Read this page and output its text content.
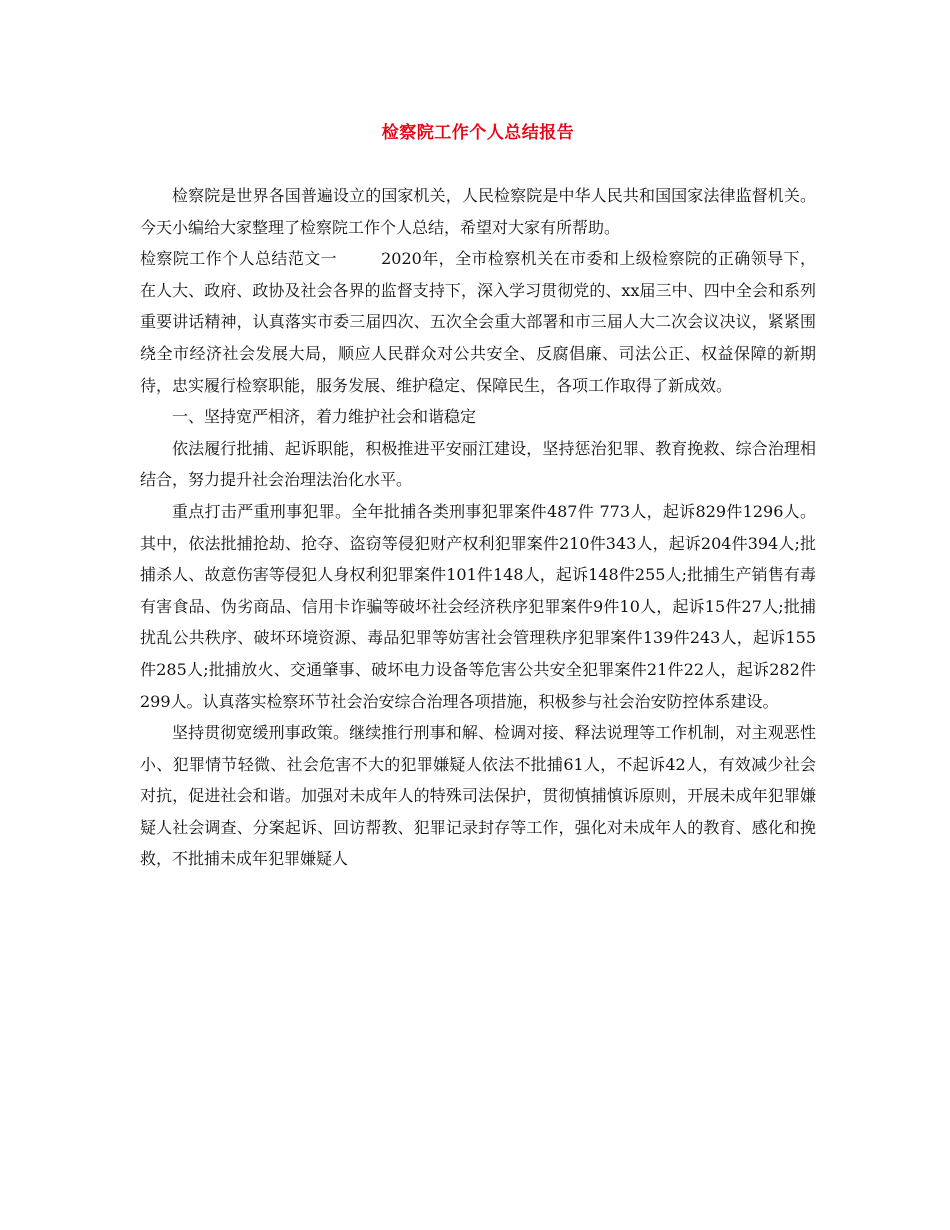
检察院工作个人总结报告

检察院是世界各国普遍设立的国家机关，人民检察院是中华人民共和国国家法律监督机关。今天小编给大家整理了检察院工作个人总结，希望对大家有所帮助。

检察院工作个人总结范文一	2020年，全市检察机关在市委和上级检察院的正确领导下，在人大、政府、政协及社会各界的监督支持下，深入学习贯彻党的、xx届三中、四中全会和系列重要讲话精神，认真落实市委三届四次、五次全会重大部署和市三届人大二次会议决议，紧紧围绕全市经济社会发展大局，顺应人民群众对公共安全、反腐倡廉、司法公正、权益保障的新期待，忠实履行检察职能，服务发展、维护稳定、保障民生，各项工作取得了新成效。

一、坚持宽严相济，着力维护社会和谐稳定

依法履行批捕、起诉职能，积极推进平安丽江建设，坚持惩治犯罪、教育挽救、综合治理相结合，努力提升社会治理法治化水平。

重点打击严重刑事犯罪。全年批捕各类刑事犯罪案件487件 773人，起诉829件1296人。其中，依法批捕抢劫、抢夺、盗窃等侵犯财产权利犯罪案件210件343人，起诉204件394人;批捕杀人、故意伤害等侵犯人身权利犯罪案件101件148人，起诉148件255人;批捕生产销售有毒有害食品、伪劣商品、信用卡诈骗等破坏社会经济秩序犯罪案件9件10人，起诉15件27人;批捕扰乱公共秩序、破坏环境资源、毒品犯罪等妨害社会管理秩序犯罪案件139件243人，起诉155件285人;批捕放火、交通肇事、破坏电力设备等危害公共安全犯罪案件21件22人，起诉282件299人。认真落实检察环节社会治安综合治理各项措施，积极参与社会治安防控体系建设。

坚持贯彻宽缓刑事政策。继续推行刑事和解、检调对接、释法说理等工作机制，对主观恶性小、犯罪情节轻微、社会危害不大的犯罪嫌疑人依法不批捕61人，不起诉42人，有效减少社会对抗，促进社会和谐。加强对未成年人的特殊司法保护，贯彻慎捕慎诉原则，开展未成年犯罪嫌疑人社会调查、分案起诉、回访帮教、犯罪记录封存等工作，强化对未成年人的教育、感化和挽救，不批捕未成年犯罪嫌疑人
